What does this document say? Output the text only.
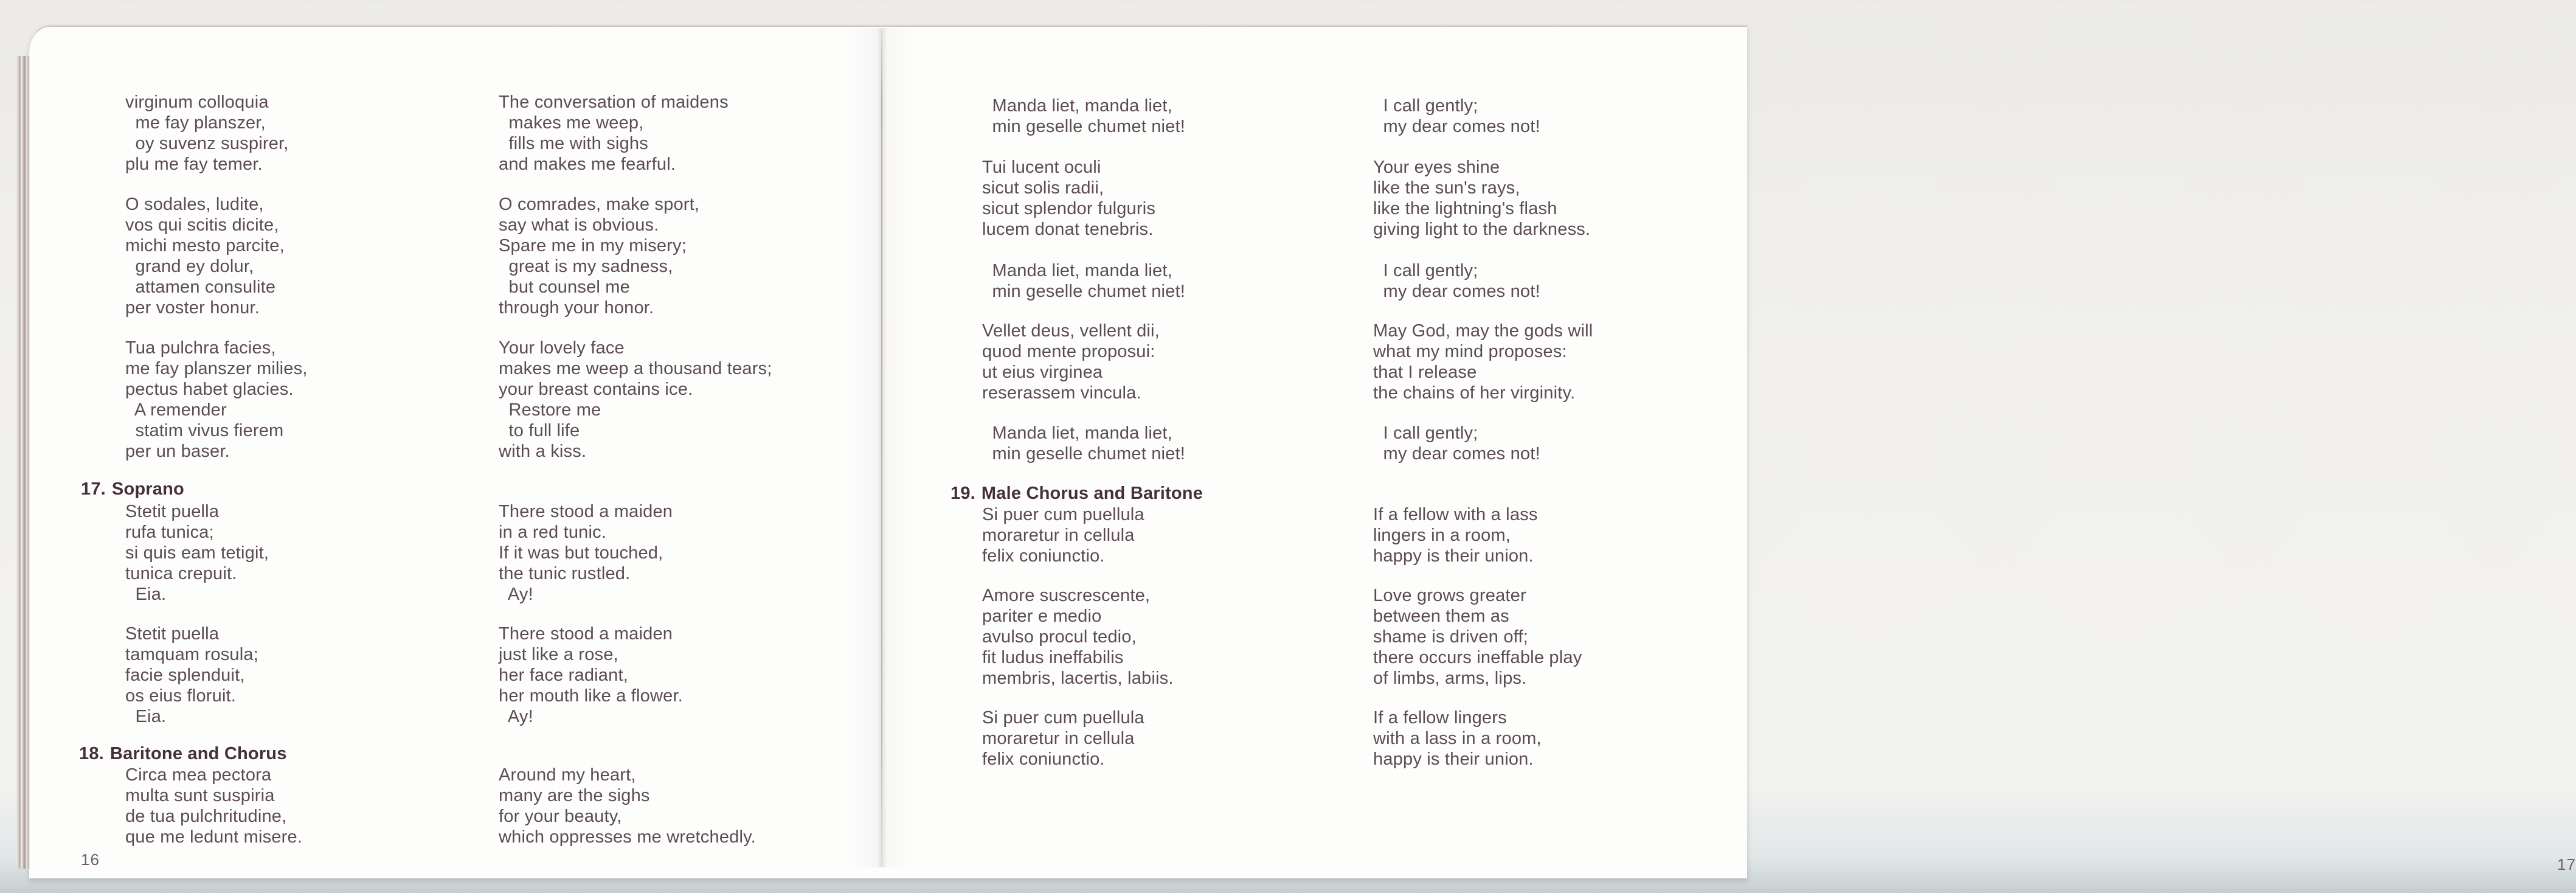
16
virginum colloquia
me fay planszer,
oy suvenz suspirer,
plu me fay temer.
O sodales, ludite,
vos qui scitis dicite,
michi mesto parcite,
grand ey dolur,
attamen consulite
per voster honur.
Tua pulchra facies,
me fay planszer milies,
pectus habet glacies.
A remender
statim vivus fierem
per un baser.
17. Soprano
Stetit puella
rufa tunica;
si quis eam tetigit,
tunica crepuit.
Eia.
Stetit puella
tamquam rosula;
facie splenduit,
os eius floruit.
Eia.
18. Baritone and Chorus
Circa mea pectora
multa sunt suspiria
de tua pulchritudine,
que me ledunt misere.
The conversation of maidens
makes me weep,
fills me with sighs
and makes me fearful.
O comrades, make sport,
say what is obvious.
Spare me in my misery;
great is my sadness,
but counsel me
through your honor.
Your lovely face
makes me weep a thousand tears;
your breast contains ice.
Restore me
to full life
with a kiss.
There stood a maiden
in a red tunic.
If it was but touched,
the tunic rustled.
Ay!
There stood a maiden
just like a rose,
her face radiant,
her mouth like a flower.
Ay!
Around my heart,
many are the sighs
for your beauty,
which oppresses me wretchedly.
17
Manda liet, manda liet,
min geselle chumet niet!
Tui lucent oculi
sicut solis radii,
sicut splendor fulguris
lucem donat tenebris.
Manda liet, manda liet,
min geselle chumet niet!
Vellet deus, vellent dii,
quod mente proposui:
ut eius virginea
reserassem vincula.
Manda liet, manda liet,
min geselle chumet niet!
19. Male Chorus and Baritone
Si puer cum puellula
moraretur in cellula
felix coniunctio.
Amore suscrescente,
pariter e medio
avulso procul tedio,
fit ludus ineffabilis
membris, lacertis, labiis.
Si puer cum puellula
moraretur in cellula
felix coniunctio.
I call gently;
my dear comes not!
Your eyes shine
like the sun's rays,
like the lightning's flash
giving light to the darkness.
I call gently;
my dear comes not!
May God, may the gods will
what my mind proposes:
that I release
the chains of her virginity.
I call gently;
my dear comes not!
If a fellow with a lass
lingers in a room,
happy is their union.
Love grows greater
between them as
shame is driven off;
there occurs ineffable play
of limbs, arms, lips.
If a fellow lingers
with a lass in a room,
happy is their union.
